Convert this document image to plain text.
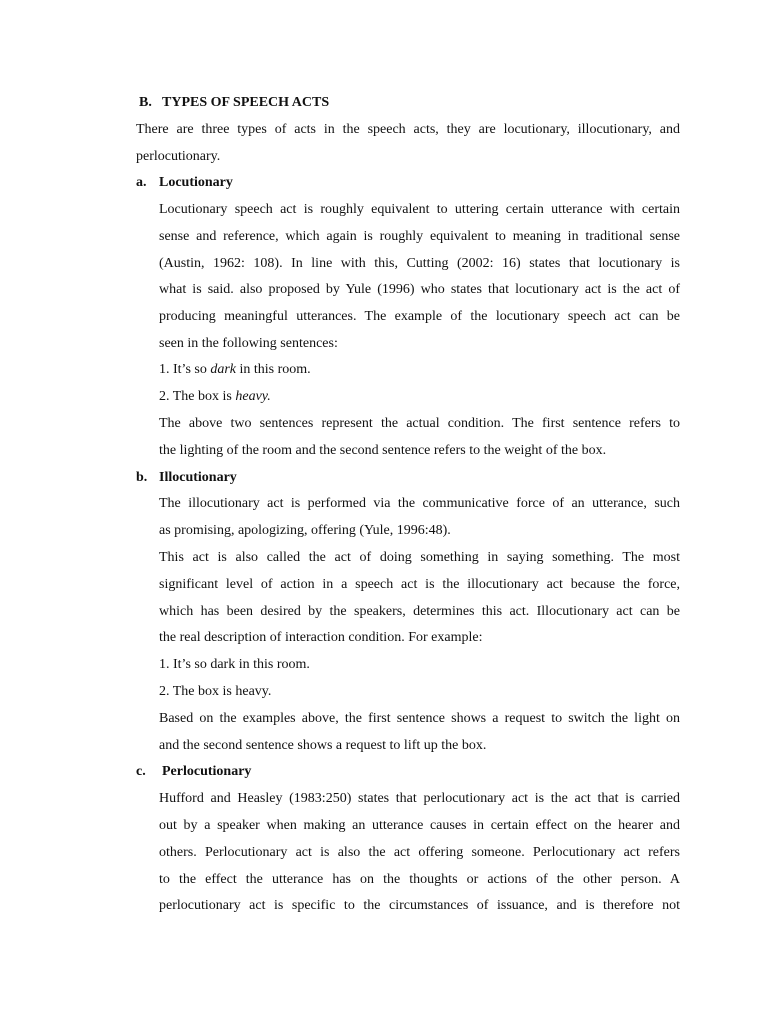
B. TYPES OF SPEECH ACTS
There are three types of acts in the speech acts, they are locutionary, illocutionary, and
perlocutionary.
a. Locutionary
Locutionary speech act is roughly equivalent to uttering certain utterance with certain
sense and reference, which again is roughly equivalent to meaning in traditional sense
(Austin, 1962: 108). In line with this, Cutting (2002: 16) states that locutionary is
what is said. also proposed by Yule (1996) who states that locutionary act is the act of
producing meaningful utterances. The example of the locutionary speech act can be
seen in the following sentences:
1. It’s so dark in this room.
2. The box is heavy.
The above two sentences represent the actual condition. The first sentence refers to
the lighting of the room and the second sentence refers to the weight of the box.
b. Illocutionary
The illocutionary act is performed via the communicative force of an utterance, such
as promising, apologizing, offering (Yule, 1996:48).
This act is also called the act of doing something in saying something. The most
significant level of action in a speech act is the illocutionary act because the force,
which has been desired by the speakers, determines this act. Illocutionary act can be
the real description of interaction condition. For example:
1. It’s so dark in this room.
2. The box is heavy.
Based on the examples above, the first sentence shows a request to switch the light on
and the second sentence shows a request to lift up the box.
c. Perlocutionary
Hufford and Heasley (1983:250) states that perlocutionary act is the act that is carried
out by a speaker when making an utterance causes in certain effect on the hearer and
others. Perlocutionary act is also the act offering someone. Perlocutionary act refers
to the effect the utterance has on the thoughts or actions of the other person. A
perlocutionary act is specific to the circumstances of issuance, and is therefore not
